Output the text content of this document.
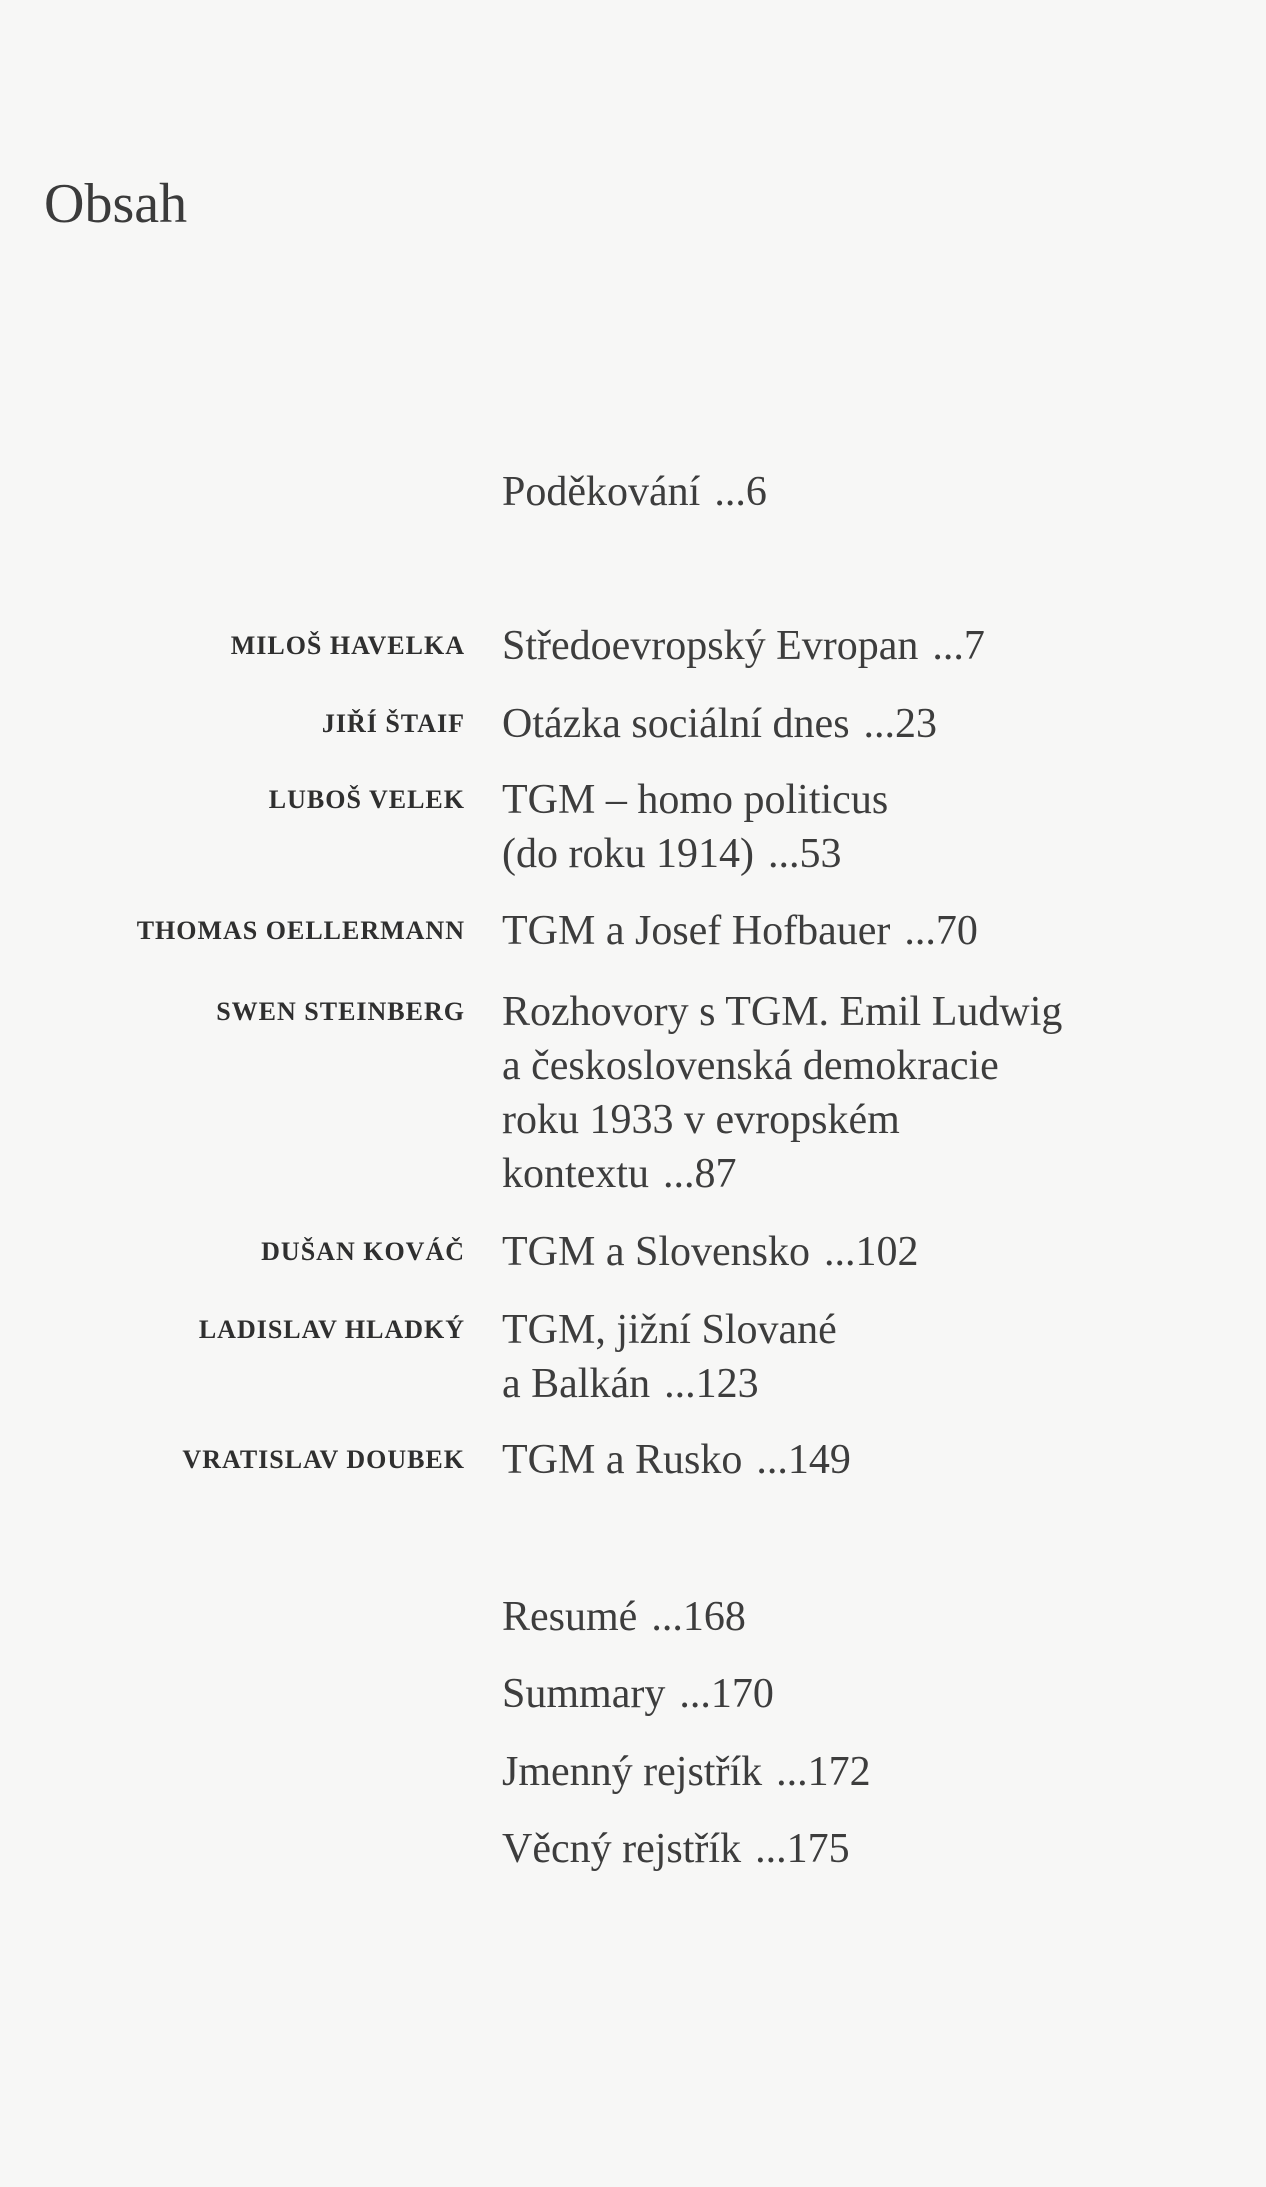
Obsah
Poděkování ...6
MILOŠ HAVELKA Středoevropský Evropan ...7
JIŘÍ ŠTAIF Otázka sociální dnes ...23
LUBOŠ VELEK TGM – homo politicus
(do roku 1914) ...53
THOMAS OELLERMANN TGM a Josef Hofbauer ...70
SWEN STEINBERG Rozhovory s TGM. Emil Ludwig
a československá demokracie
roku 1933 v evropském
kontextu ...87
DUŠAN KOVÁČ TGM a Slovensko ...102
LADISLAV HLADKÝ TGM, jižní Slované
a Balkán ...123
VRATISLAV DOUBEK TGM a Rusko ...149
Resumé ...168
Summary ...170
Jmenný rejstřík ...172
Věcný rejstřík ...175
